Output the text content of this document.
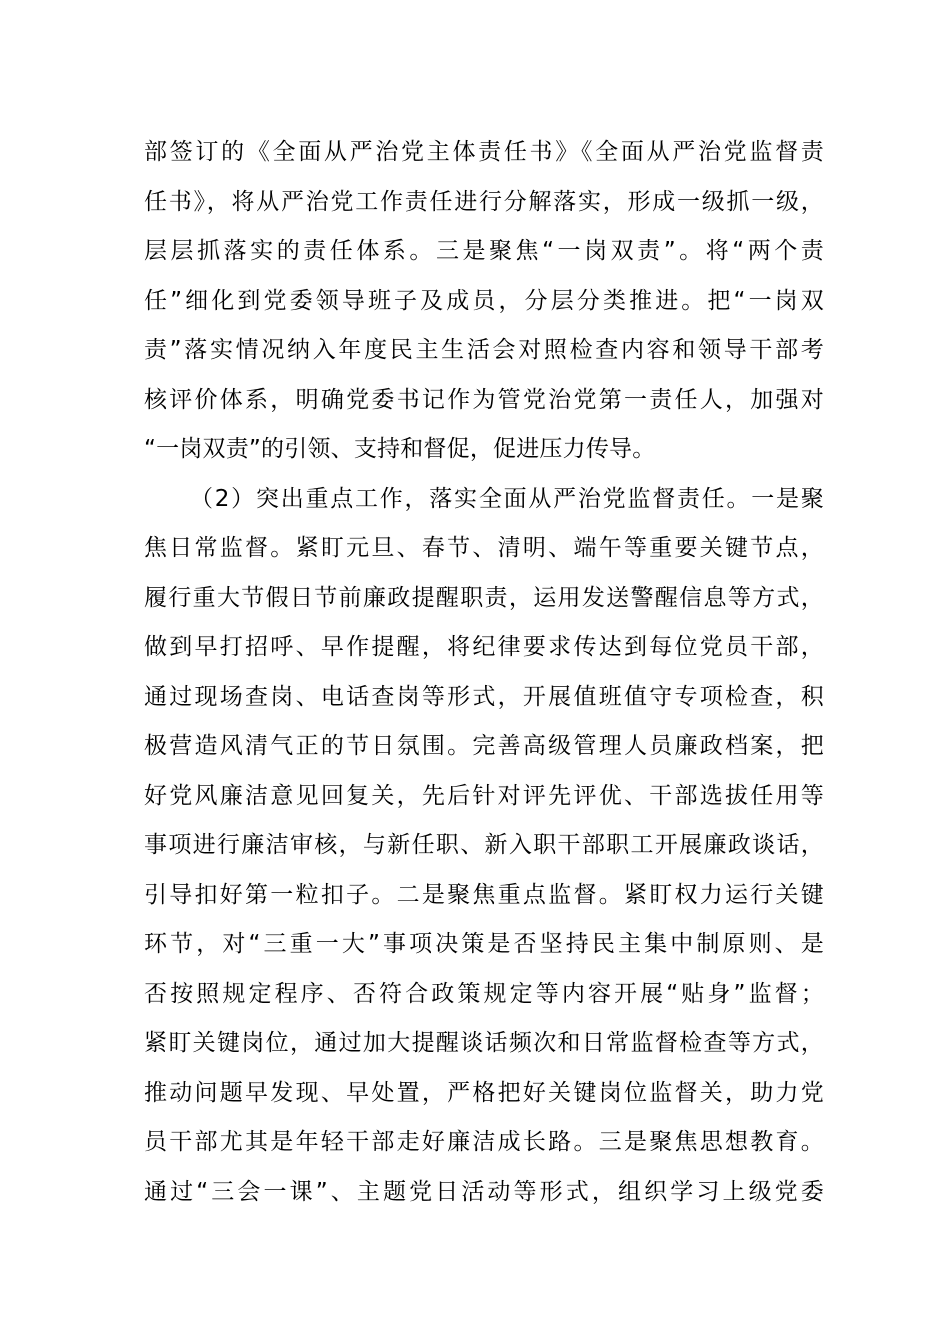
部签订的《全面从严治党主体责任书》《全面从严治党监督责
任书》，将从严治党工作责任进行分解落实，形成一级抓一级，
层层抓落实的责任体系。三是聚焦“一岗双责”。将“两个责
任”细化到党委领导班子及成员，分层分类推进。把“一岗双
责”落实情况纳入年度民主生活会对照检查内容和领导干部考
核评价体系，明确党委书记作为管党治党第一责任人，加强对
“一岗双责”的引领、支持和督促，促进压力传导。
（2）突出重点工作，落实全面从严治党监督责任。一是聚
焦日常监督。紧盯元旦、春节、清明、端午等重要关键节点，
履行重大节假日节前廉政提醒职责，运用发送警醒信息等方式，
做到早打招呼、早作提醒，将纪律要求传达到每位党员干部，
通过现场查岗、电话查岗等形式，开展值班值守专项检查，积
极营造风清气正的节日氛围。完善高级管理人员廉政档案，把
好党风廉洁意见回复关，先后针对评先评优、干部选拔任用等
事项进行廉洁审核，与新任职、新入职干部职工开展廉政谈话，
引导扣好第一粒扣子。二是聚焦重点监督。紧盯权力运行关键
环节，对“三重一大”事项决策是否坚持民主集中制原则、是
否按照规定程序、否符合政策规定等内容开展“贴身”监督；
紧盯关键岗位，通过加大提醒谈话频次和日常监督检查等方式，
推动问题早发现、早处置，严格把好关键岗位监督关，助力党
员干部尤其是年轻干部走好廉洁成长路。三是聚焦思想教育。
通过“三会一课”、主题党日活动等形式，组织学习上级党委
